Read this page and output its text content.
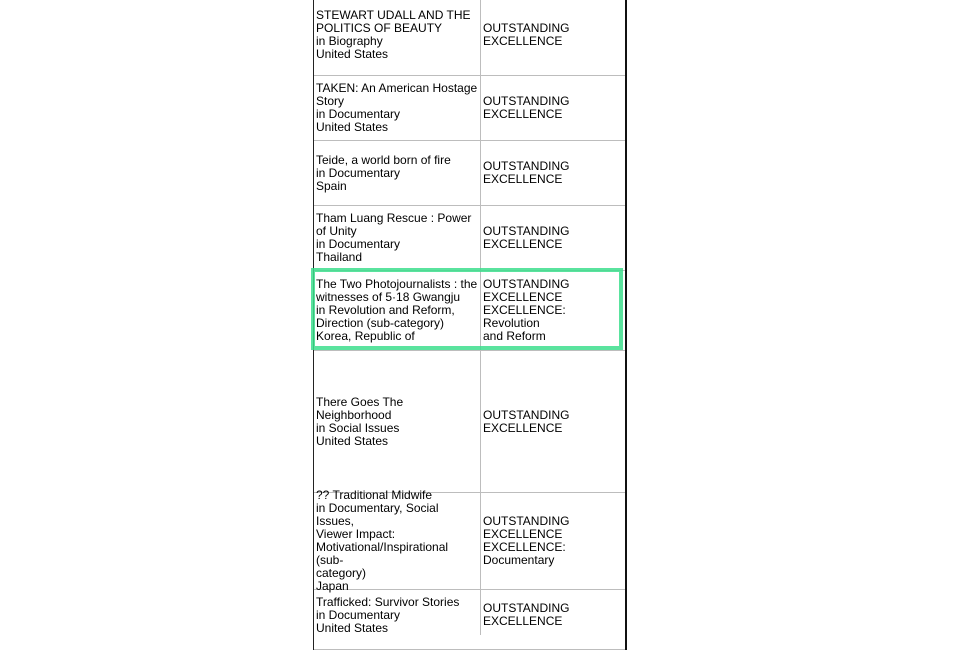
STEWART UDALL AND THE
POLITICS OF BEAUTY
in Biography
United States
OUTSTANDING
EXCELLENCE
TAKEN: An American Hostage
Story
in Documentary
United States
OUTSTANDING
EXCELLENCE
Teide, a world born of fire
in Documentary
Spain
OUTSTANDING
EXCELLENCE
Tham Luang Rescue : Power
of Unity
in Documentary
Thailand
OUTSTANDING
EXCELLENCE
The Two Photojournalists : the
witnesses of 5·18 Gwangju
in Revolution and Reform,
Direction (sub-category)
Korea, Republic of
OUTSTANDING
EXCELLENCE
EXCELLENCE: Revolution
and Reform
There Goes The Neighborhood
in Social Issues
United States
OUTSTANDING
EXCELLENCE
?? Traditional Midwife
in Documentary, Social Issues,
Viewer Impact:
Motivational/Inspirational (sub-
category)
Japan
OUTSTANDING
EXCELLENCE
EXCELLENCE:
Documentary
Trafficked: Survivor Stories
in Documentary
United States
OUTSTANDING
EXCELLENCE
